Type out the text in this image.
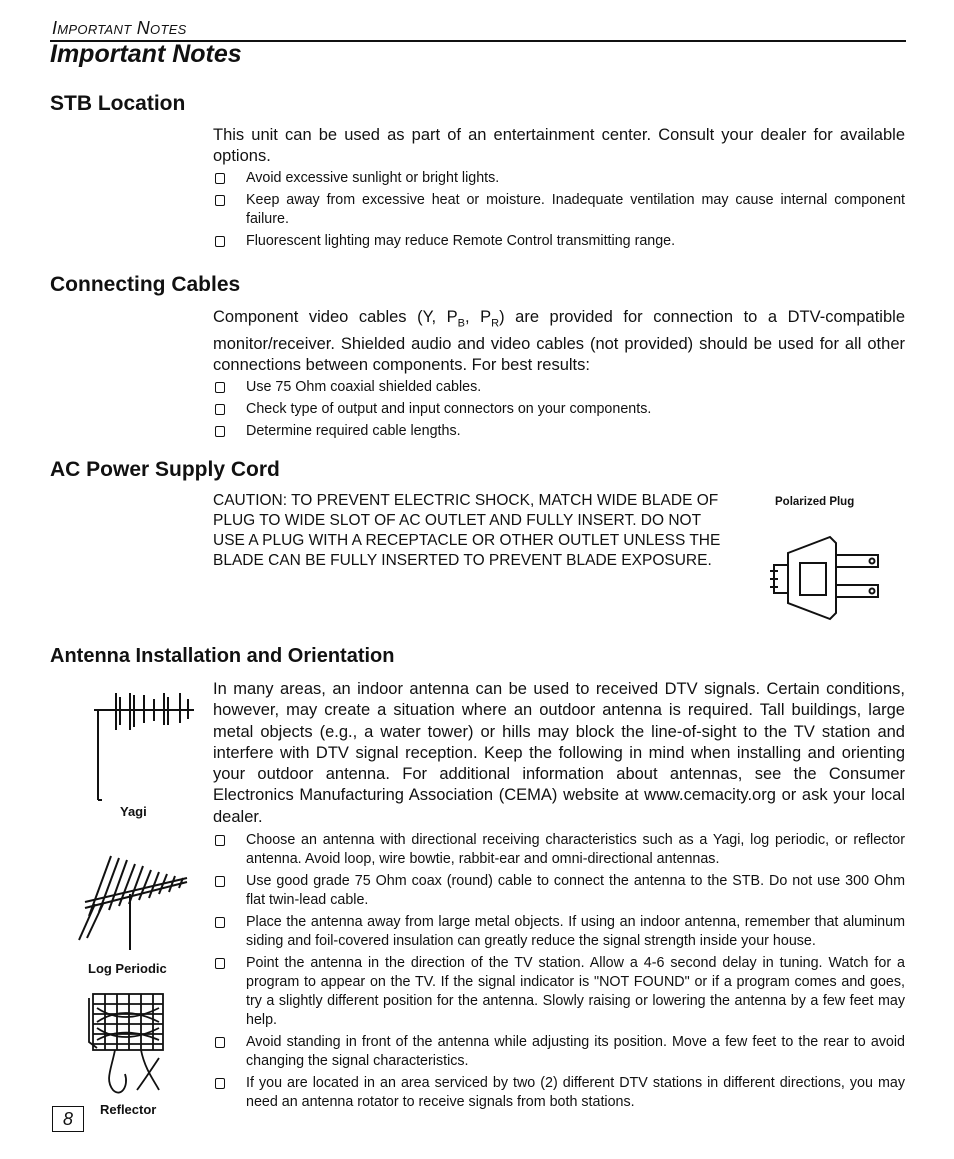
Important Notes
Important Notes
STB Location

This unit can be used as part of an entertainment center. Consult your dealer for available options.

Avoid excessive sunlight or bright lights.
Keep away from excessive heat or moisture. Inadequate ventilation may cause internal component failure.
Fluorescent lighting may reduce Remote Control transmitting range.
Connecting Cables

Component video cables (Y, $P_B$, $P_R$) are provided for connection to a DTV-compatible monitor/receiver. Shielded audio and video cables (not provided) should be used for all other connections between components. For best results:

Use 75 Ohm coaxial shielded cables.
Check type of output and input connectors on your components.
Determine required cable lengths.
AC Power Supply Cord
CAUTION: TO PREVENT ELECTRIC SHOCK, MATCH WIDE BLADE OF PLUG TO WIDE SLOT OF AC OUTLET AND FULLY INSERT. DO NOT USE A PLUG WITH A RECEPTACLE OR OTHER OUTLET UNLESS THE BLADE CAN BE FULLY INSERTED TO PREVENT BLADE EXPOSURE.
Polarized Plug
Antenna Installation and Orientation

In many areas, an indoor antenna can be used to received DTV signals. Certain conditions, however, may create a situation where an outdoor antenna is required. Tall buildings, large metal objects (e.g., a water tower) or hills may block the line-of-sight to the TV station and interfere with DTV signal reception. Keep the following in mind when installing and orienting your outdoor antenna. For additional information about antennas, see the Consumer Electronics Manufacturing Association (CEMA) website at www.cemacity.org or ask your local dealer.

Choose an antenna with directional receiving characteristics such as a Yagi, log periodic, or reflector antenna. Avoid loop, wire bowtie, rabbit-ear and omni-directional antennas.
Use good grade 75 Ohm coax (round) cable to connect the antenna to the STB. Do not use 300 Ohm flat twin-lead cable.
Place the antenna away from large metal objects. If using an indoor antenna, remember that aluminum siding and foil-covered insulation can greatly reduce the signal strength inside your house.
Point the antenna in the direction of the TV station. Allow a 4-6 second delay in tuning. Watch for a program to appear on the TV. If the signal indicator is "NOT FOUND" or if a program comes and goes, try a slightly different position for the antenna. Slowly raising or lowering the antenna by a few feet may help.
Avoid standing in front of the antenna while adjusting its position. Move a few feet to the rear to avoid changing the signal characteristics.
If you are located in an area serviced by two (2) different DTV stations in different directions, you may need an antenna rotator to receive signals from both stations.
Yagi
Log Periodic
Reflector
8
